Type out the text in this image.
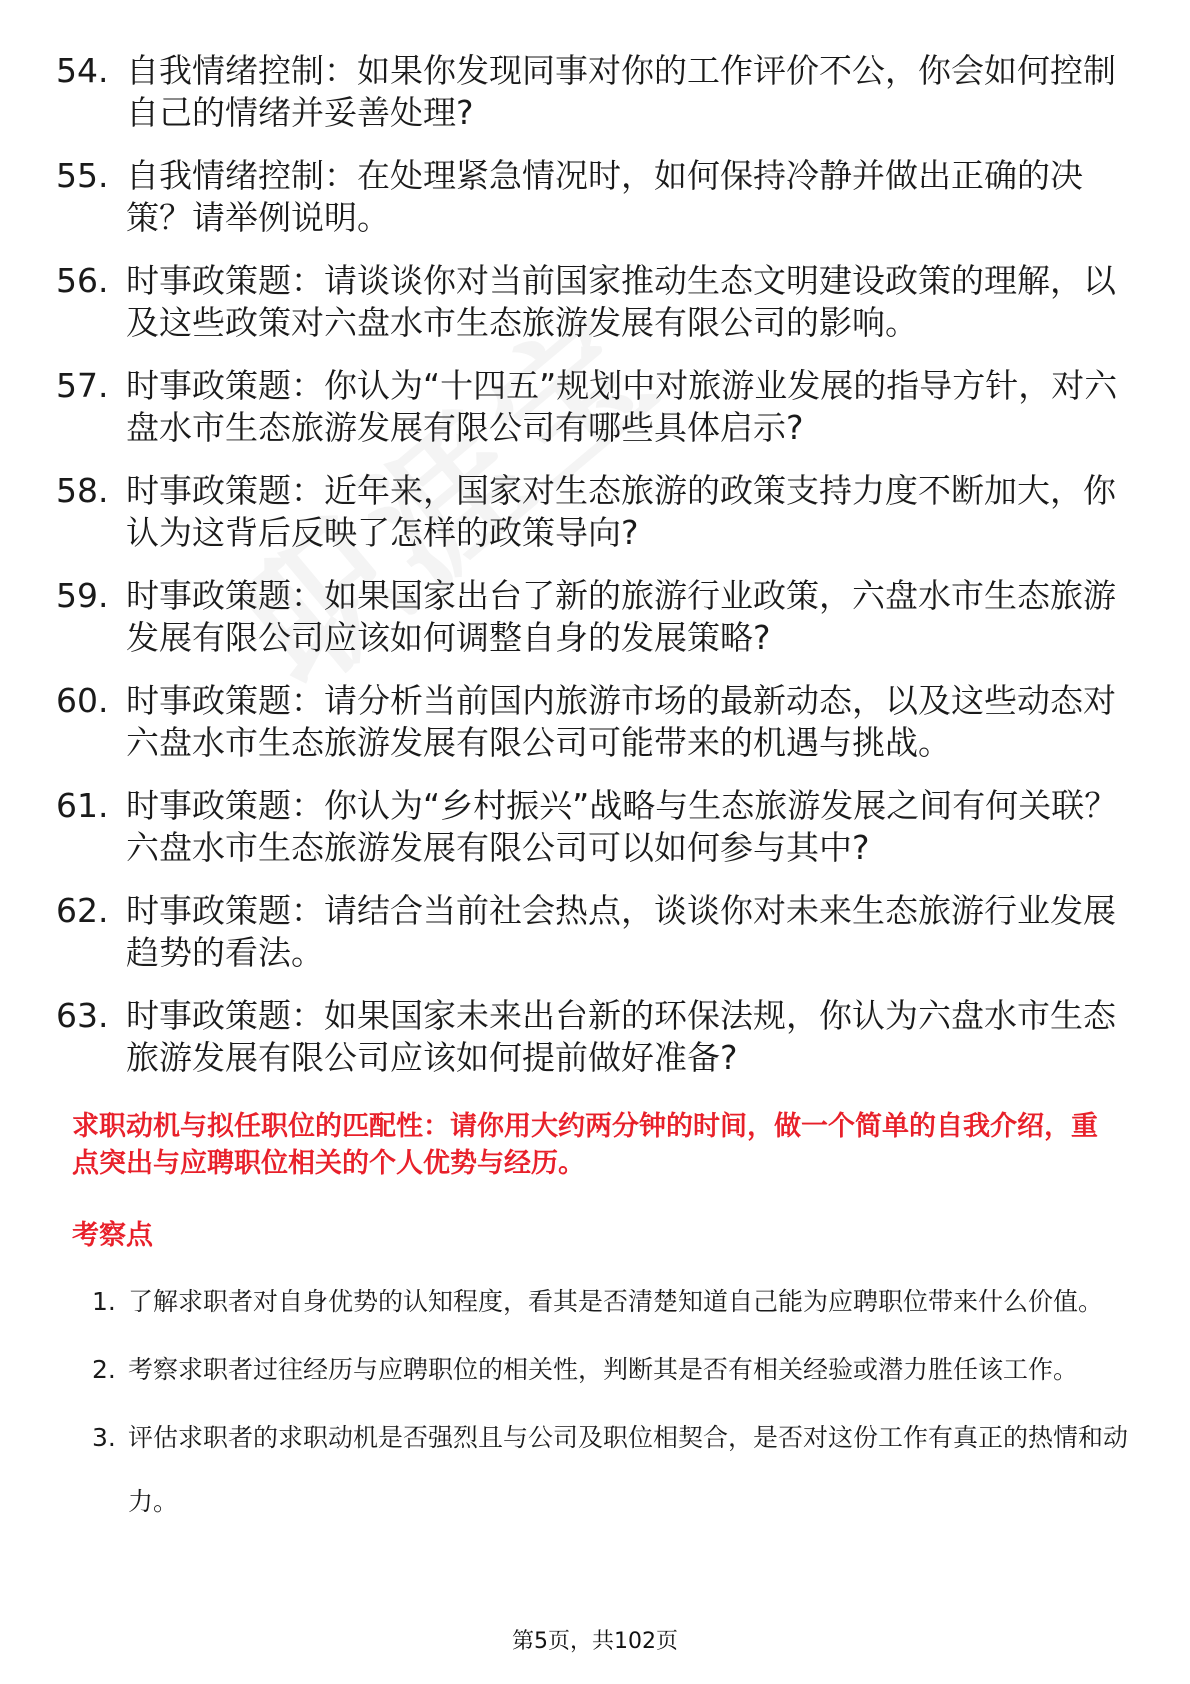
54. 自我情绪控制：如果你发现同事对你的工作评价不公，你会如何控制自己的情绪并妥善处理?
55. 自我情绪控制：在处理紧急情况时，如何保持冷静并做出正确的决策？请举例说明。
56. 时事政策题：请谈谈你对当前国家推动生态文明建设政策的理解，以及这些政策对六盘水市生态旅游发展有限公司的影响。
57. 时事政策题：你认为“十四五”规划中对旅游业发展的指导方针，对六盘水市生态旅游发展有限公司有哪些具体启示?
58. 时事政策题：近年来，国家对生态旅游的政策支持力度不断加大，你认为这背后反映了怎样的政策导向?
59. 时事政策题：如果国家出台了新的旅游行业政策，六盘水市生态旅游发展有限公司应该如何调整自身的发展策略?
60. 时事政策题：请分析当前国内旅游市场的最新动态，以及这些动态对六盘水市生态旅游发展有限公司可能带来的机遇与挑战。
61. 时事政策题：你认为“乡村振兴”战略与生态旅游发展之间有何关联？六盘水市生态旅游发展有限公司可以如何参与其中?
62. 时事政策题：请结合当前社会热点，谈谈你对未来生态旅游行业发展趋势的看法。
63. 时事政策题：如果国家未来出台新的环保法规，你认为六盘水市生态旅游发展有限公司应该如何提前做好准备?
求职动机与拟任职位的匹配性：请你用大约两分钟的时间，做一个简单的自我介绍，重点突出与应聘职位相关的个人优势与经历。
考察点
1. 了解求职者对自身优势的认知程度，看其是否清楚知道自己能为应聘职位带来什么价值。
2. 考察求职者过往经历与应聘职位的相关性，判断其是否有相关经验或潜力胜任该工作。
3. 评估求职者的求职动机是否强烈且与公司及职位相契合，是否对这份工作有真正的热情和动力。
第5页，共102页
